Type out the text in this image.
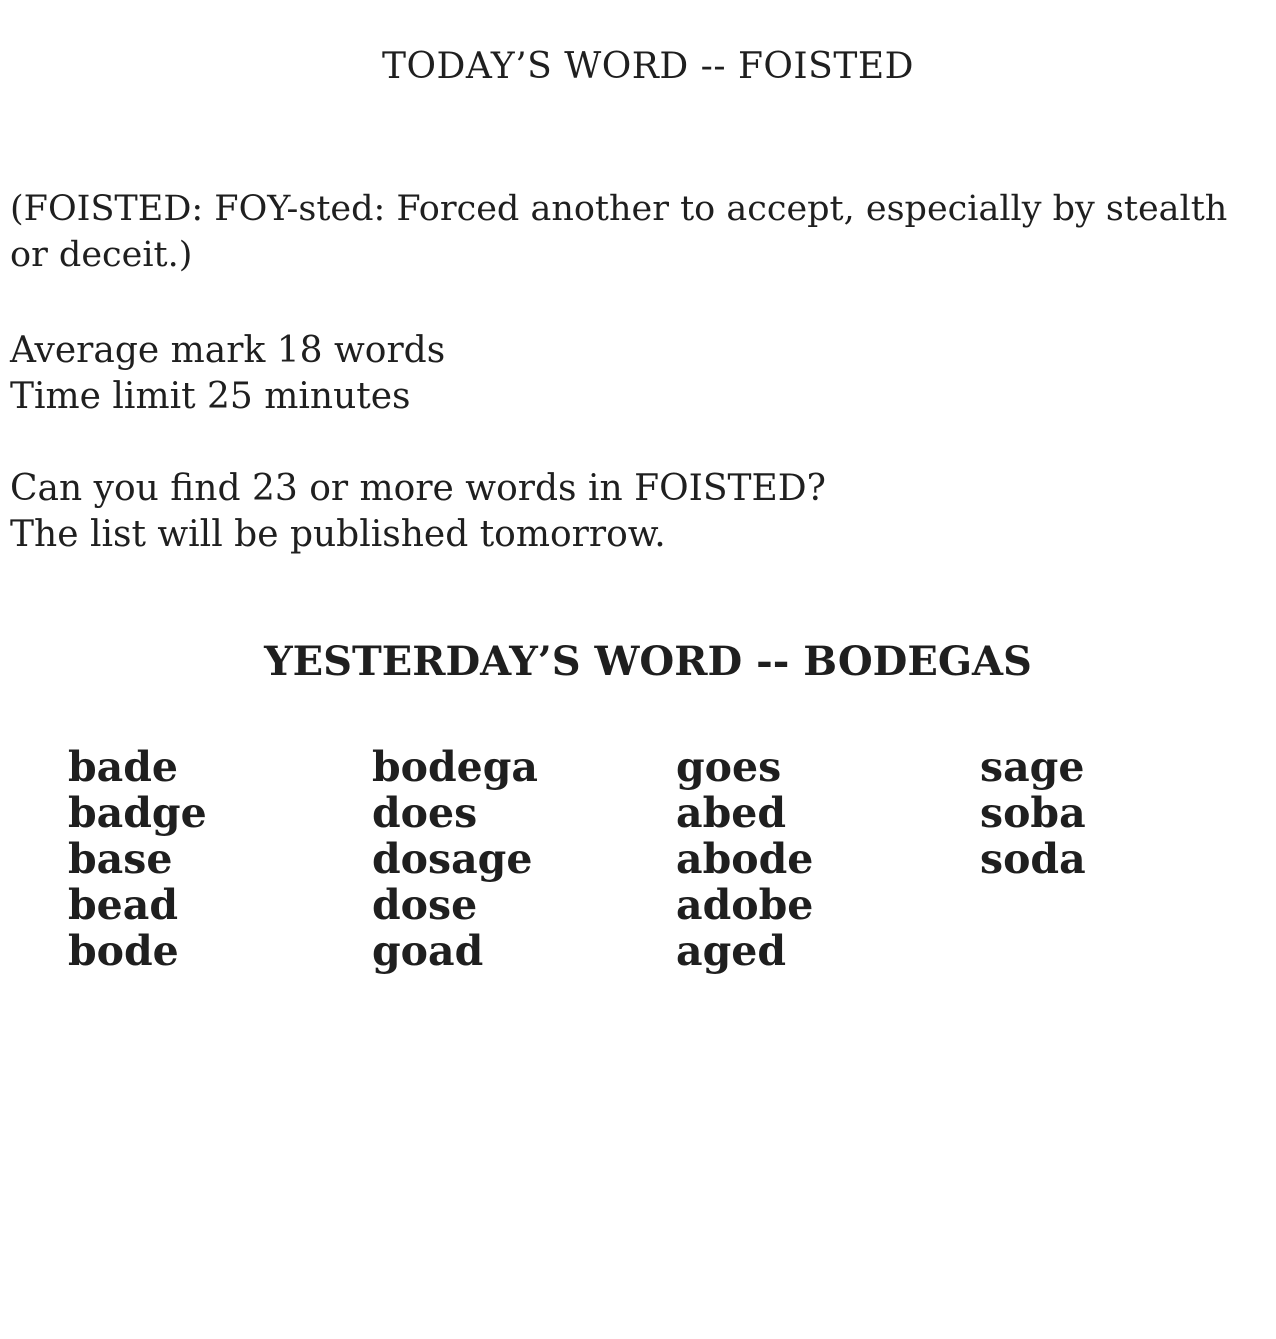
TODAY’S WORD -- FOISTED
(FOISTED: FOY-sted: Forced another to accept, especially by stealth or deceit.)
Average mark 18 words
Time limit 25 minutes
Can you find 23 or more words in FOISTED?
The list will be published tomorrow.
YESTERDAY’S WORD -- BODEGAS
bade
badge
base
bead
bode
bodega
does
dosage
dose
goad
goes
abed
abode
adobe
aged
sage
soba
soda
